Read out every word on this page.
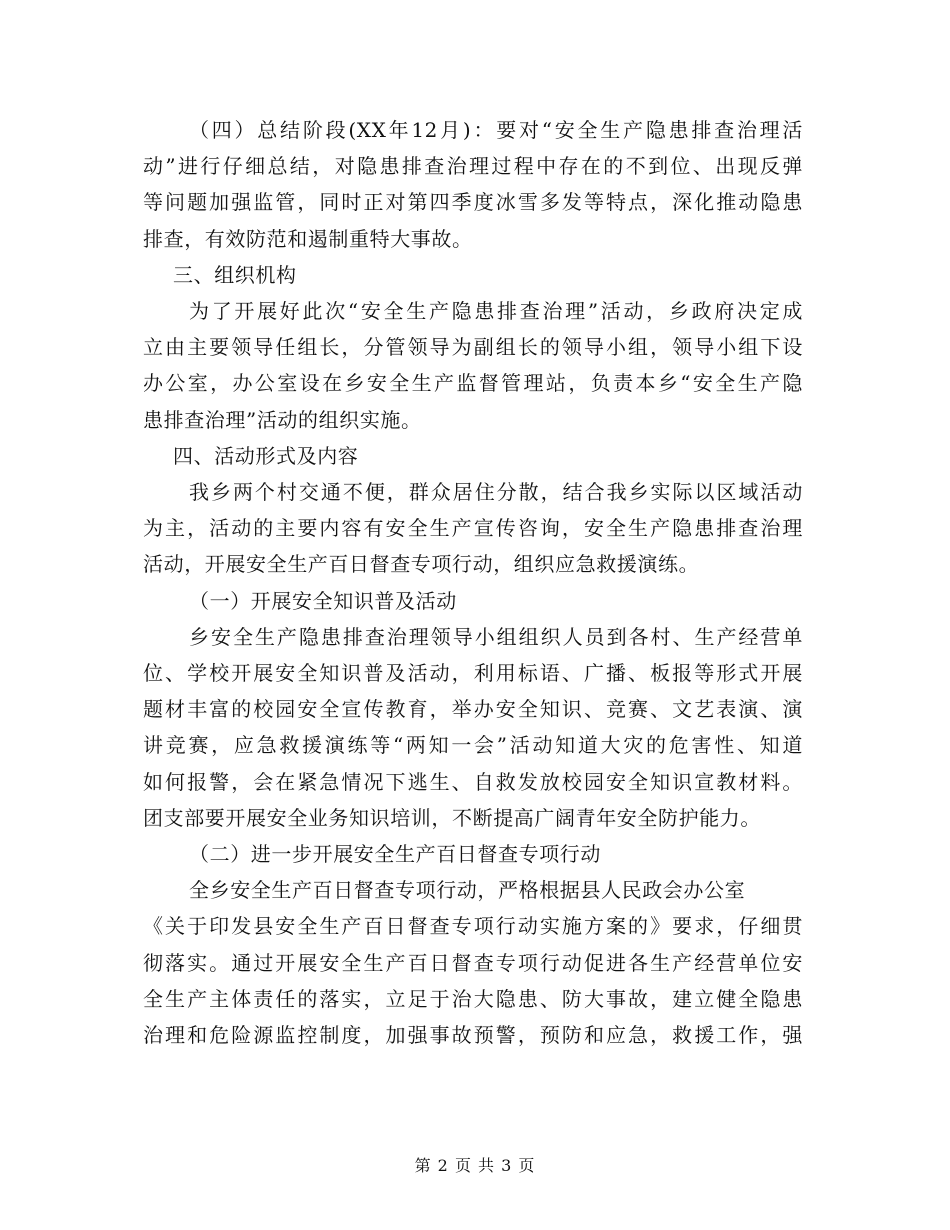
（四）总结阶段(XX年12月)：要对“安全生产隐患排查治理活
动”进行仔细总结，对隐患排查治理过程中存在的不到位、出现反弹
等问题加强监管，同时正对第四季度冰雪多发等特点，深化推动隐患
排查，有效防范和遏制重特大事故。

三、组织机构

为了开展好此次“安全生产隐患排查治理”活动，乡政府决定成
立由主要领导任组长，分管领导为副组长的领导小组，领导小组下设
办公室，办公室设在乡安全生产监督管理站，负责本乡“安全生产隐
患排查治理”活动的组织实施。

四、活动形式及内容

我乡两个村交通不便，群众居住分散，结合我乡实际以区域活动
为主，活动的主要内容有安全生产宣传咨询，安全生产隐患排查治理
活动，开展安全生产百日督查专项行动，组织应急救援演练。

（一）开展安全知识普及活动

乡安全生产隐患排查治理领导小组组织人员到各村、生产经营单
位、学校开展安全知识普及活动，利用标语、广播、板报等形式开展
题材丰富的校园安全宣传教育，举办安全知识、竞赛、文艺表演、演
讲竞赛，应急救援演练等“两知一会”活动知道大灾的危害性、知道
如何报警，会在紧急情况下逃生、自救发放校园安全知识宣教材料。
团支部要开展安全业务知识培训，不断提高广阔青年安全防护能力。

（二）进一步开展安全生产百日督查专项行动

全乡安全生产百日督查专项行动，严格根据县人民政会办公室
《关于印发县安全生产百日督查专项行动实施方案的》要求，仔细贯
彻落实。通过开展安全生产百日督查专项行动促进各生产经营单位安
全生产主体责任的落实，立足于治大隐患、防大事故，建立健全隐患
治理和危险源监控制度，加强事故预警，预防和应急，救援工作，强

第 2 页 共 3 页
